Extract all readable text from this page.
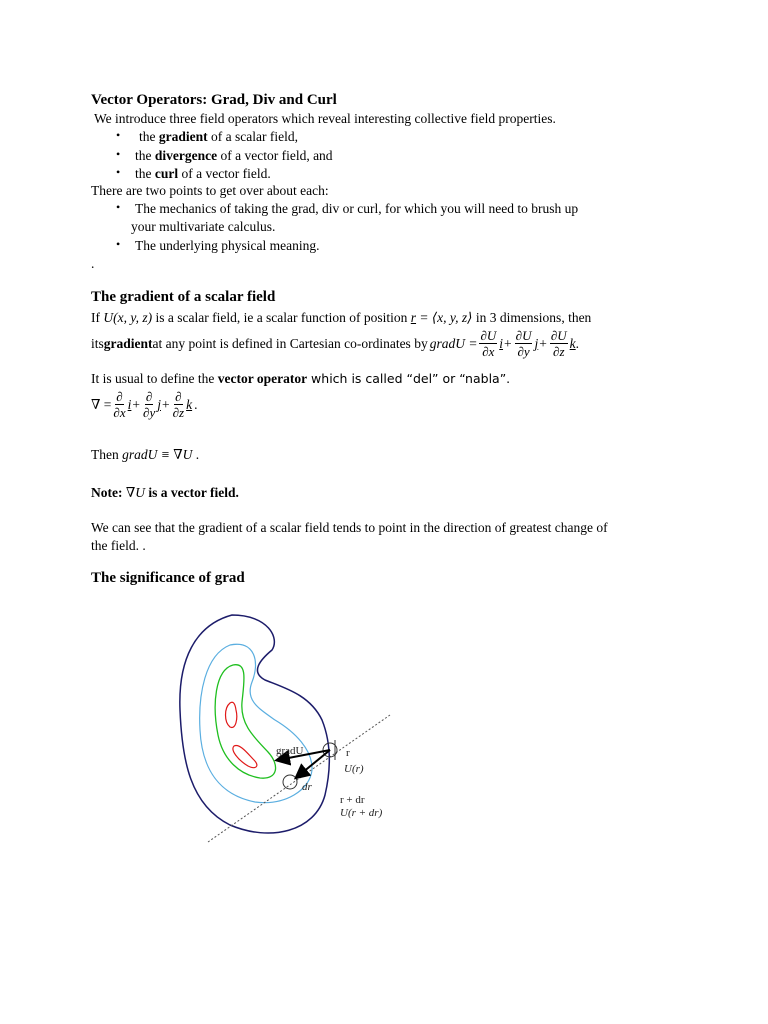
Vector Operators: Grad, Div and Curl
We introduce three field operators which reveal interesting collective field properties.
• the gradient of a scalar field,
• the divergence of a vector field, and
• the curl of a vector field.
There are two points to get over about each:
• The mechanics of taking the grad, div or curl, for which you will need to brush up
your multivariate calculus.
• The underlying physical meaning.
.
The gradient of a scalar field
If U(x, y, z) is a scalar field, ie a scalar function of position r = ⟨x, y, z⟩ in 3 dimensions, then
its gradient at any point is defined in Cartesian co-ordinates by gradU = $\frac{\partial U}{\partial x}$ $i + \frac{\partial U}{\partial y}$ $j + \frac{\partial U}{\partial z}$ k .
It is usual to define the vector operator which is called “del” or “nabla”.
∇ = $\frac{\partial}{\partial x}$ $i + \frac{\partial}{\partial y}$ $j + \frac{\partial}{\partial z}$ k .
Then gradU ≡ ∇U .
Note: ∇U is a vector field.
We can see that the gradient of a scalar field tends to point in the direction of greatest change of
the field. .
The significance of grad
gradU	r
U(r)
dr
r + dr
U(r + dr)
